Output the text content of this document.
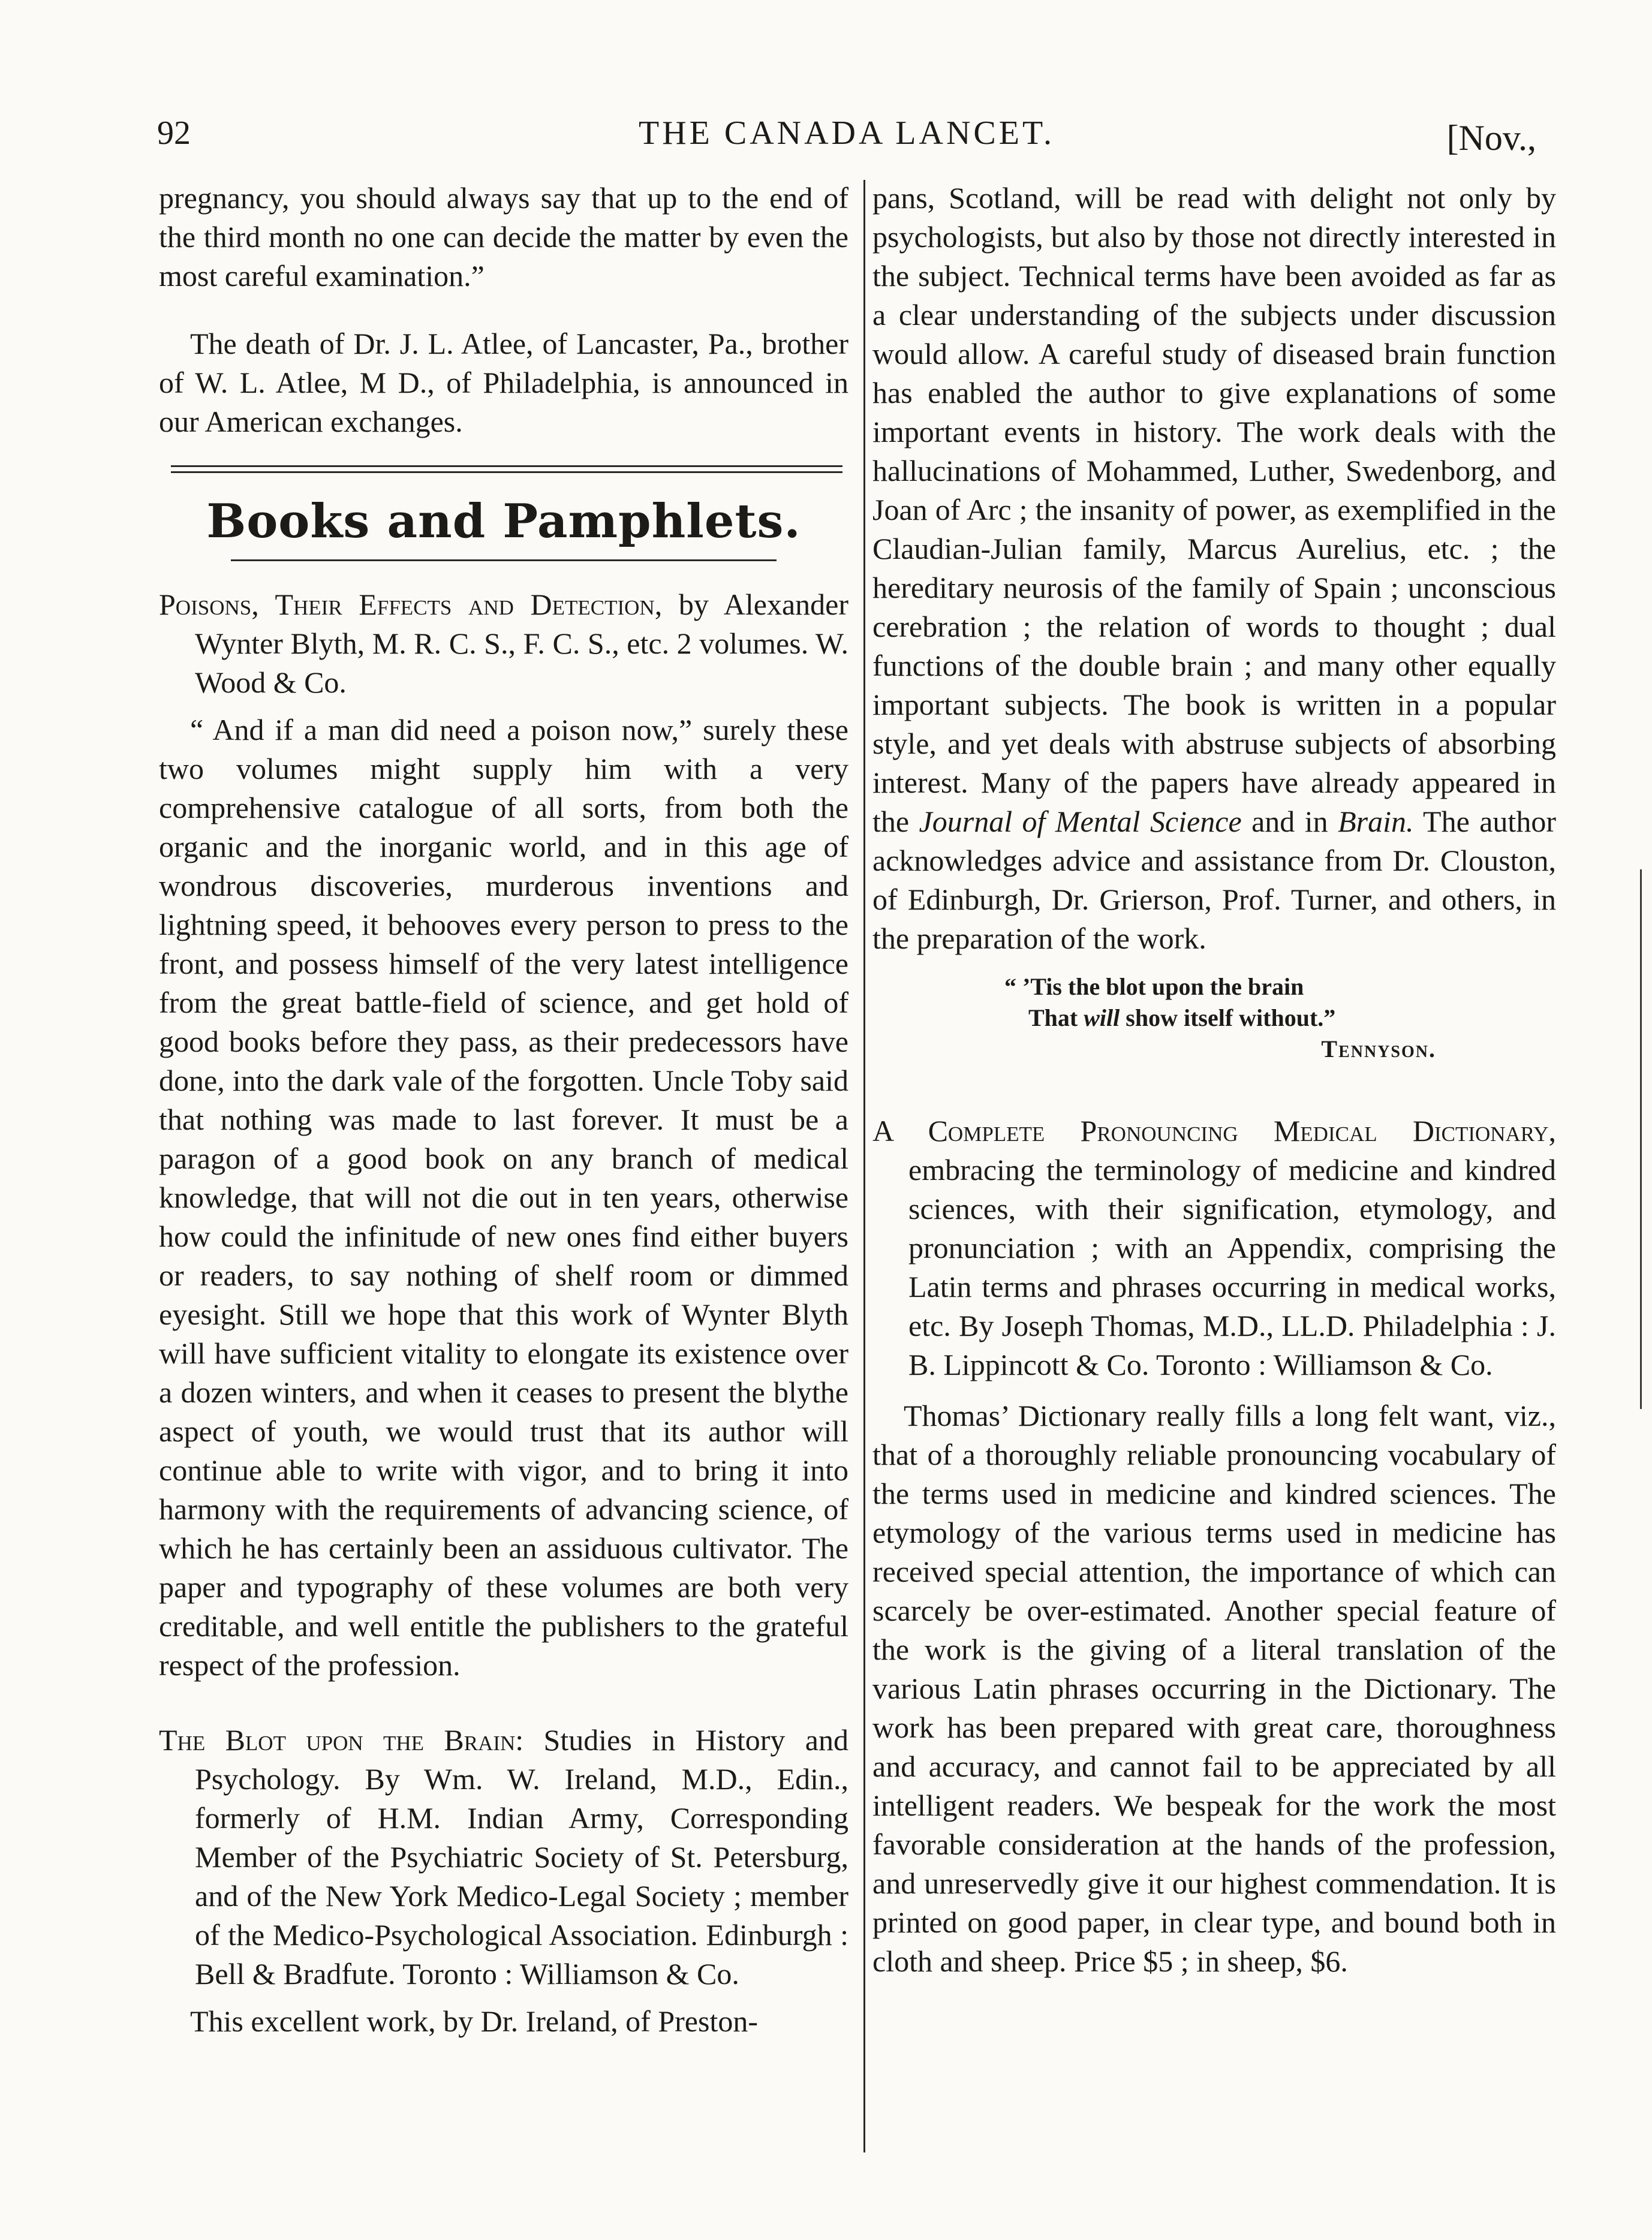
92	THE CANADA LANCET.	[Nov.,

pregnancy, you should always say that up to the end of the third month no one can decide the matter by even the most careful examination.”

The death of Dr. J. L. Atlee, of Lancaster, Pa., brother of W. L. Atlee, M D., of Philadelphia, is announced in our American exchanges.

Books and Pamphlets.

Poisons, Their Effects and Detection, by Alexander Wynter Blyth, M. R. C. S., F. C. S., etc. 2 volumes. W. Wood & Co.

“ And if a man did need a poison now,” surely these two volumes might supply him with a very comprehensive catalogue of all sorts, from both the organic and the inorganic world, and in this age of wondrous discoveries, murderous inventions and lightning speed, it behooves every person to press to the front, and possess himself of the very latest intelligence from the great battle-field of science, and get hold of good books before they pass, as their predecessors have done, into the dark vale of the forgotten. Uncle Toby said that nothing was made to last forever. It must be a paragon of a good book on any branch of medical knowledge, that will not die out in ten years, otherwise how could the infinitude of new ones find either buyers or readers, to say nothing of shelf room or dimmed eyesight. Still we hope that this work of Wynter Blyth will have sufficient vitality to elongate its existence over a dozen winters, and when it ceases to present the blythe aspect of youth, we would trust that its author will continue able to write with vigor, and to bring it into harmony with the requirements of advancing science, of which he has certainly been an assiduous cultivator. The paper and typography of these volumes are both very creditable, and well entitle the publishers to the grateful respect of the profession.

The Blot upon the Brain: Studies in History and Psychology. By Wm. W. Ireland, M.D., Edin., formerly of H.M. Indian Army, Corresponding Member of the Psychiatric Society of St. Petersburg, and of the New York Medico-Legal Society ; member of the Medico-Psychological Association. Edinburgh : Bell & Bradfute. Toronto : Williamson & Co.

This excellent work, by Dr. Ireland, of Preston-

pans, Scotland, will be read with delight not only by psychologists, but also by those not directly interested in the subject. Technical terms have been avoided as far as a clear understanding of the subjects under discussion would allow. A careful study of diseased brain function has enabled the author to give explanations of some important events in history. The work deals with the hallucinations of Mohammed, Luther, Swedenborg, and Joan of Arc ; the insanity of power, as exemplified in the Claudian-Julian family, Marcus Aurelius, etc. ; the hereditary neurosis of the family of Spain ; unconscious cerebration ; the relation of words to thought ; dual functions of the double brain ; and many other equally important subjects. The book is written in a popular style, and yet deals with abstruse subjects of absorbing interest. Many of the papers have already appeared in the Journal of Mental Science and in Brain. The author acknowledges advice and assistance from Dr. Clouston, of Edinburgh, Dr. Grierson, Prof. Turner, and others, in the preparation of the work.

“ ’Tis the blot upon the brain
That will show itself without.”
Tennyson.

A Complete Pronouncing Medical Dictionary, embracing the terminology of medicine and kindred sciences, with their signification, etymology, and pronunciation ; with an Appendix, comprising the Latin terms and phrases occurring in medical works, etc. By Joseph Thomas, M.D., LL.D. Philadelphia : J. B. Lippincott & Co. Toronto : Williamson & Co.

Thomas’ Dictionary really fills a long felt want, viz., that of a thoroughly reliable pronouncing vocabulary of the terms used in medicine and kindred sciences. The etymology of the various terms used in medicine has received special attention, the importance of which can scarcely be over-estimated. Another special feature of the work is the giving of a literal translation of the various Latin phrases occurring in the Dictionary. The work has been prepared with great care, thoroughness and accuracy, and cannot fail to be appreciated by all intelligent readers. We bespeak for the work the most favorable consideration at the hands of the profession, and unreservedly give it our highest commendation. It is printed on good paper, in clear type, and bound both in cloth and sheep. Price $5 ; in sheep, $6.
